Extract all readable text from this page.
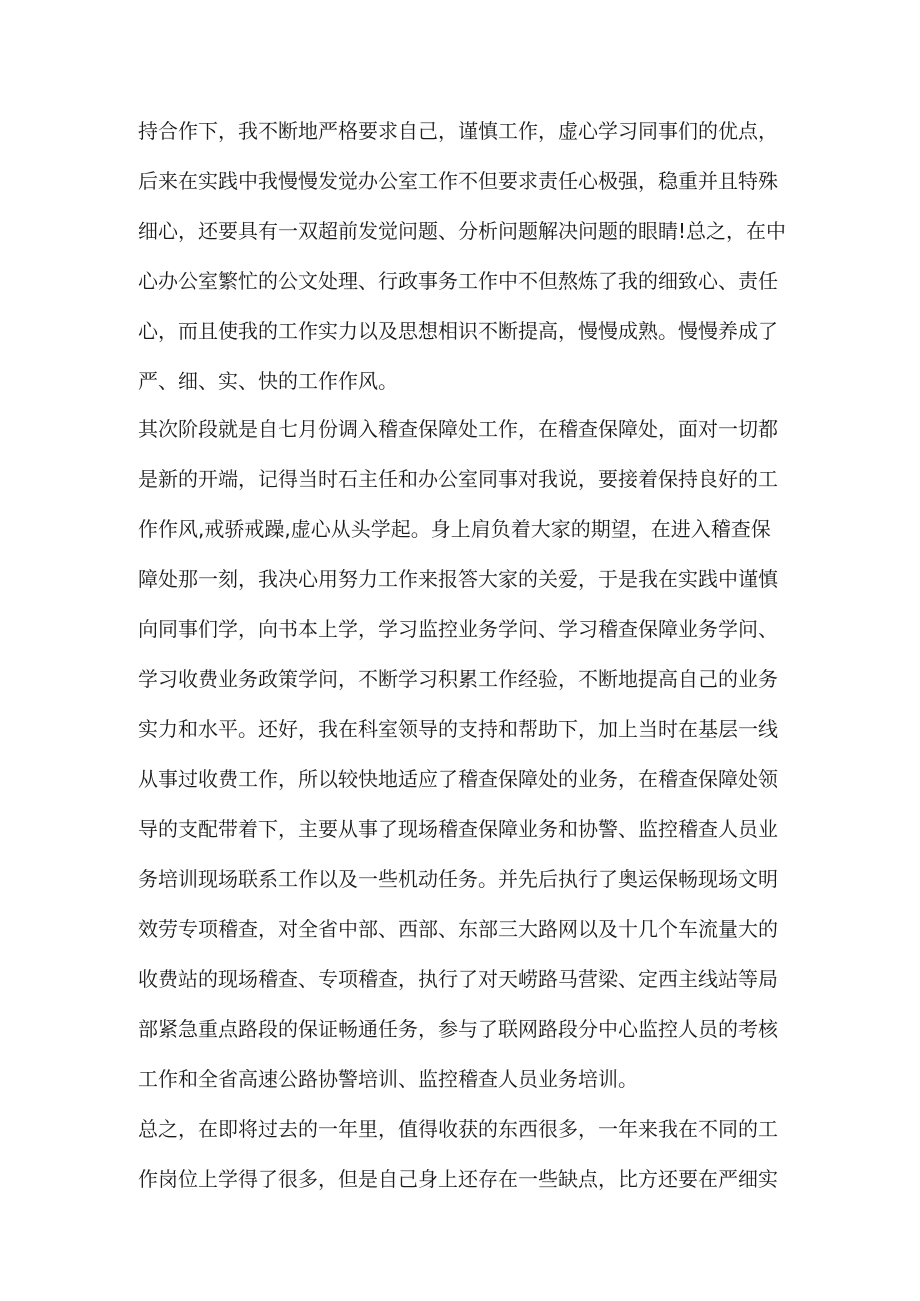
持合作下，我不断地严格要求自己，谨慎工作，虚心学习同事们的优点，

后来在实践中我慢慢发觉办公室工作不但要求责任心极强，稳重并且特殊

细心，还要具有一双超前发觉问题、分析问题解决问题的眼睛!总之，在中

心办公室繁忙的公文处理、行政事务工作中不但熬炼了我的细致心、责任

心，而且使我的工作实力以及思想相识不断提高，慢慢成熟。慢慢养成了

严、细、实、快的工作作风。

其次阶段就是自七月份调入稽查保障处工作，在稽查保障处，面对一切都

是新的开端，记得当时石主任和办公室同事对我说，要接着保持良好的工

作作风,戒骄戒躁,虚心从头学起。身上肩负着大家的期望，在进入稽查保

障处那一刻，我决心用努力工作来报答大家的关爱，于是我在实践中谨慎

向同事们学，向书本上学，学习监控业务学问、学习稽查保障业务学问、

学习收费业务政策学问，不断学习积累工作经验，不断地提高自己的业务

实力和水平。还好，我在科室领导的支持和帮助下，加上当时在基层一线

从事过收费工作，所以较快地适应了稽查保障处的业务，在稽查保障处领

导的支配带着下，主要从事了现场稽查保障业务和协警、监控稽查人员业

务培训现场联系工作以及一些机动任务。并先后执行了奥运保畅现场文明

效劳专项稽查，对全省中部、西部、东部三大路网以及十几个车流量大的

收费站的现场稽查、专项稽查，执行了对天崂路马营梁、定西主线站等局

部紧急重点路段的保证畅通任务，参与了联网路段分中心监控人员的考核

工作和全省高速公路协警培训、监控稽查人员业务培训。

总之，在即将过去的一年里，值得收获的东西很多，一年来我在不同的工

作岗位上学得了很多，但是自己身上还存在一些缺点，比方还要在严细实
